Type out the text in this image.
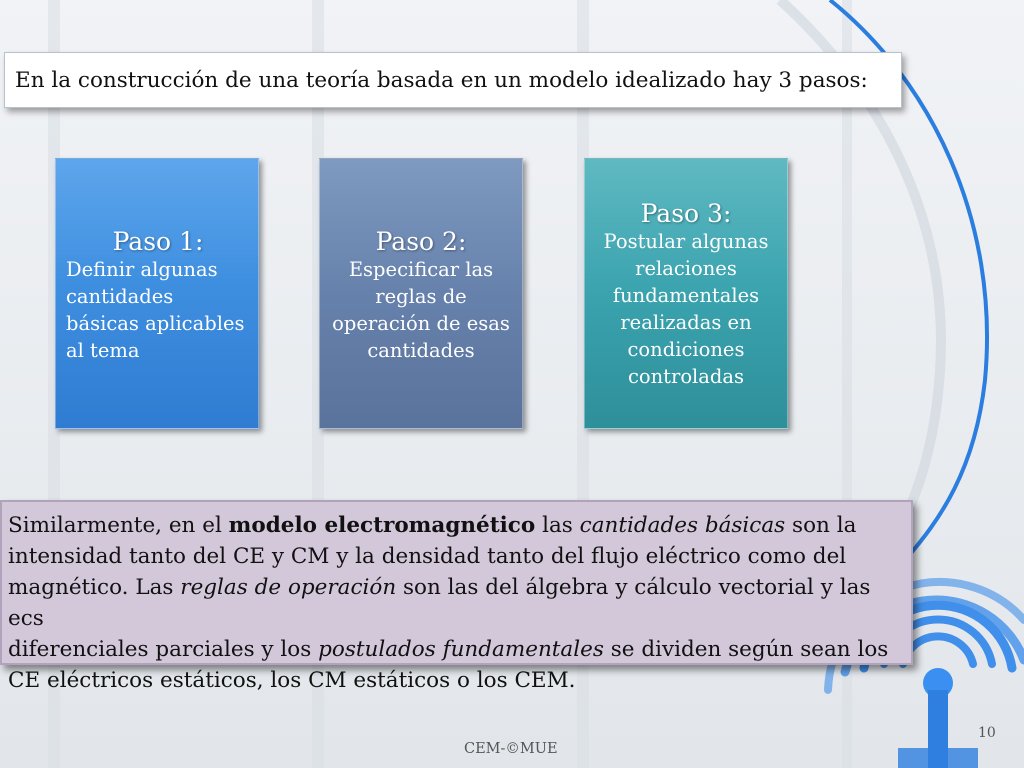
En la construcción de una teoría basada en un modelo idealizado hay 3 pasos:
Paso 1:
Definir algunas
cantidades
básicas aplicables
al tema
Paso 2:
Especificar las
reglas de
operación de esas
cantidades
Paso 3:
Postular algunas
relaciones
fundamentales
realizadas en
condiciones
controladas
Similarmente, en el modelo electromagnético las cantidades básicas son la
intensidad tanto del CE y CM y la densidad tanto del flujo eléctrico como del
magnético. Las reglas de operación son las del álgebra y cálculo vectorial y las ecs
diferenciales parciales y los postulados fundamentales se dividen según sean los
CE eléctricos estáticos, los CM estáticos o los CEM.
CEM-©MUE
10
